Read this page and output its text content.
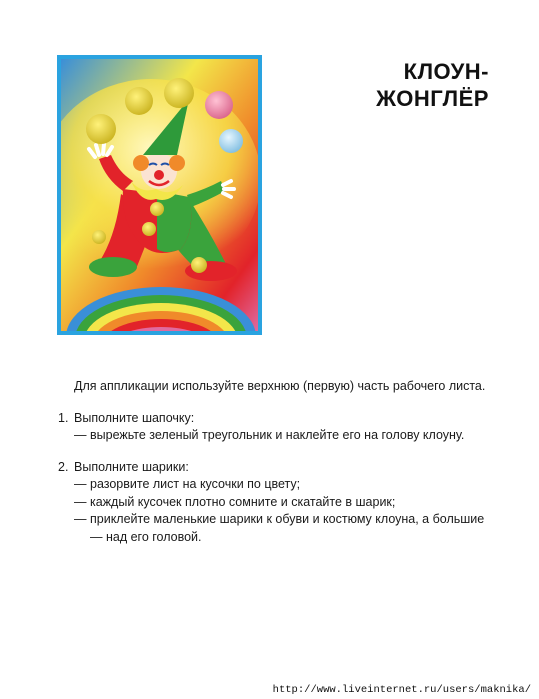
КЛОУН-
ЖОНГЛЁР

Для аппликации используйте верхнюю (первую) часть рабочего листа.

1. Выполните шапочку:
— вырежьте зеленый треугольник и наклейте его на голову клоуну.
2. Выполните шарики:
— разорвите лист на кусочки по цвету;
— каждый кусочек плотно сомните и скатайте в шарик;
— приклейте маленькие шарики к обуви и костюму клоуна, а большие — над его головой.
http://www.liveinternet.ru/users/maknika/
